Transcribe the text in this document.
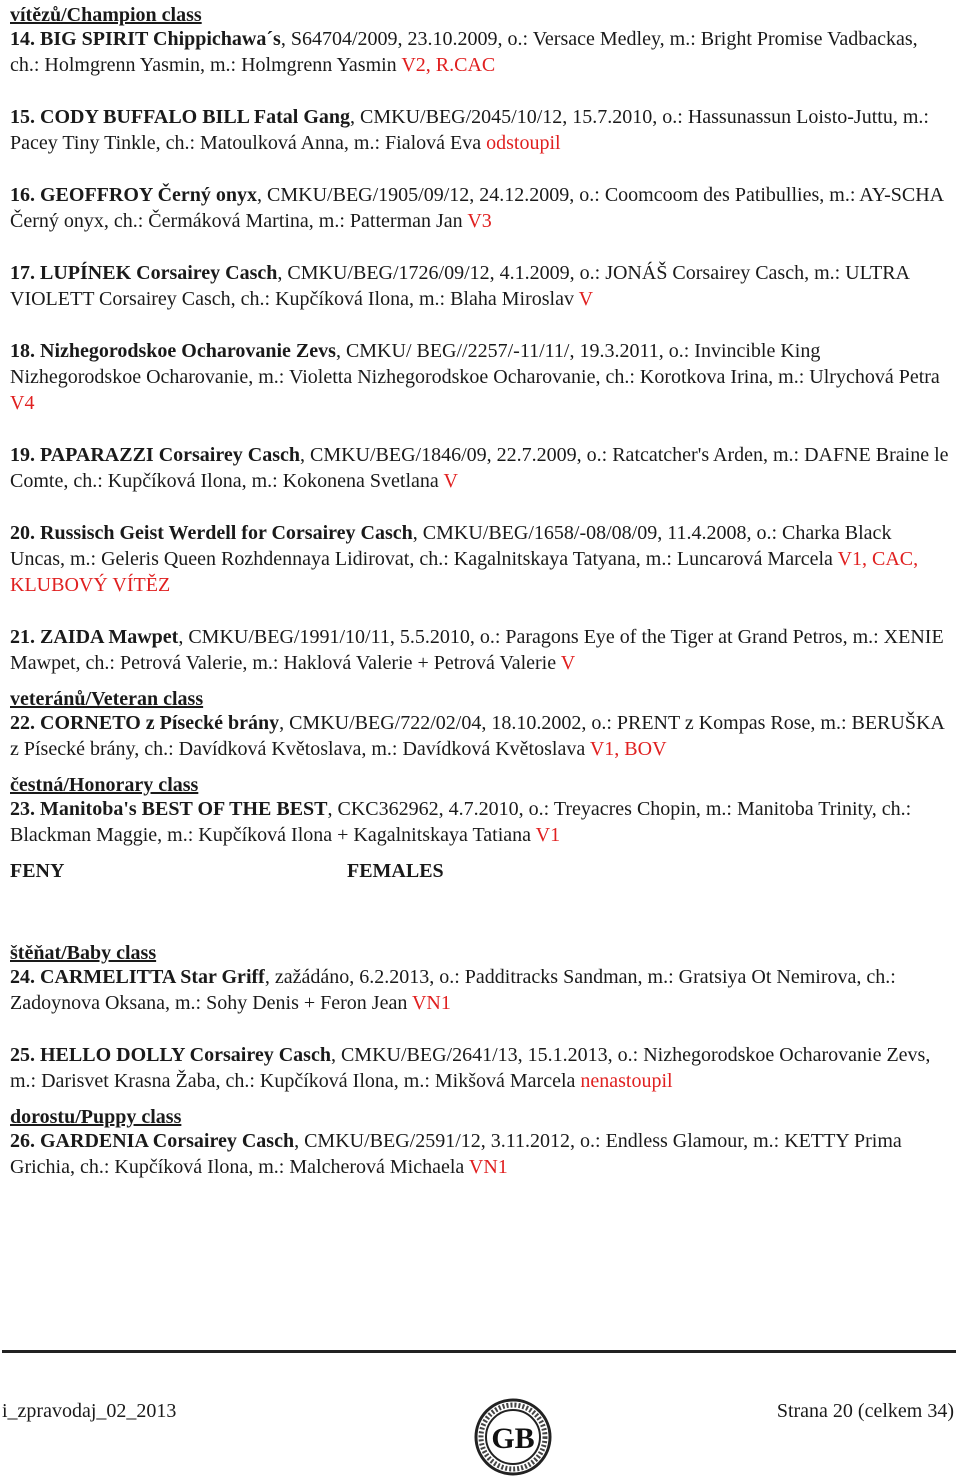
vítězů/Champion class

14. BIG SPIRIT Chippichawa´s, S64704/2009, 23.10.2009, o.: Versace Medley, m.: Bright Promise Vadbackas, ch.: Holmgrenn Yasmin, m.: Holmgrenn Yasmin V2, R.CAC

15. CODY BUFFALO BILL Fatal Gang, CMKU/BEG/2045/10/12, 15.7.2010, o.: Hassunassun Loisto-Juttu, m.: Pacey Tiny Tinkle, ch.: Matoulková Anna, m.: Fialová Eva odstoupil

16. GEOFFROY Černý onyx, CMKU/BEG/1905/09/12, 24.12.2009, o.: Coomcoom des Patibullies, m.: AY-SCHA Černý onyx, ch.: Čermáková Martina, m.: Patterman Jan V3

17. LUPÍNEK Corsairey Casch, CMKU/BEG/1726/09/12, 4.1.2009, o.: JONÁŠ Corsairey Casch, m.: ULTRA VIOLETT Corsairey Casch, ch.: Kupčíková Ilona, m.: Blaha Miroslav V

18. Nizhegorodskoe Ocharovanie Zevs, CMKU/ BEG//2257/-11/11/, 19.3.2011, o.: Invincible King Nizhegorodskoe Ocharovanie, m.: Violetta Nizhegorodskoe Ocharovanie, ch.: Korotkova Irina, m.: Ulrychová Petra V4

19. PAPARAZZI Corsairey Casch, CMKU/BEG/1846/09, 22.7.2009, o.: Ratcatcher's Arden, m.: DAFNE Braine le Comte, ch.: Kupčíková Ilona, m.: Kokonena Svetlana V

20. Russisch Geist Werdell for Corsairey Casch, CMKU/BEG/1658/-08/08/09, 11.4.2008, o.: Charka Black Uncas, m.: Geleris Queen Rozhdennaya Lidirovat, ch.: Kagalnitskaya Tatyana, m.: Luncarová Marcela V1, CAC, KLUBOVÝ VÍTĚZ

21. ZAIDA Mawpet, CMKU/BEG/1991/10/11, 5.5.2010, o.: Paragons Eye of the Tiger at Grand Petros, m.: XENIE Mawpet, ch.: Petrová Valerie, m.: Haklová Valerie + Petrová Valerie V

veteránů/Veteran class

22. CORNETO z Písecké brány, CMKU/BEG/722/02/04, 18.10.2002, o.: PRENT z Kompas Rose, m.: BERUŠKA z Písecké brány, ch.: Davídková Květoslava, m.: Davídková Květoslava V1, BOV

čestná/Honorary class

23. Manitoba's BEST OF THE BEST, CKC362962, 4.7.2010, o.: Treyacres Chopin, m.: Manitoba Trinity, ch.: Blackman Maggie, m.: Kupčíková Ilona + Kagalnitskaya Tatiana V1

FENY	FEMALES

štěňat/Baby class

24. CARMELITTA Star Griff, zažádáno, 6.2.2013, o.: Padditracks Sandman, m.: Gratsiya Ot Nemirova, ch.: Zadoynova Oksana, m.: Sohy Denis + Feron Jean VN1

25. HELLO DOLLY Corsairey Casch, CMKU/BEG/2641/13, 15.1.2013, o.: Nizhegorodskoe Ocharovanie Zevs, m.: Darisvet Krasna Žaba, ch.: Kupčíková Ilona, m.: Mikšová Marcela nenastoupil

dorostu/Puppy class

26. GARDENIA Corsairey Casch, CMKU/BEG/2591/12, 3.11.2012, o.: Endless Glamour, m.: KETTY Prima Grichia, ch.: Kupčíková Ilona, m.: Malcherová Michaela VN1

i_zpravodaj_02_2013	Strana 20 (celkem 34)
GB
